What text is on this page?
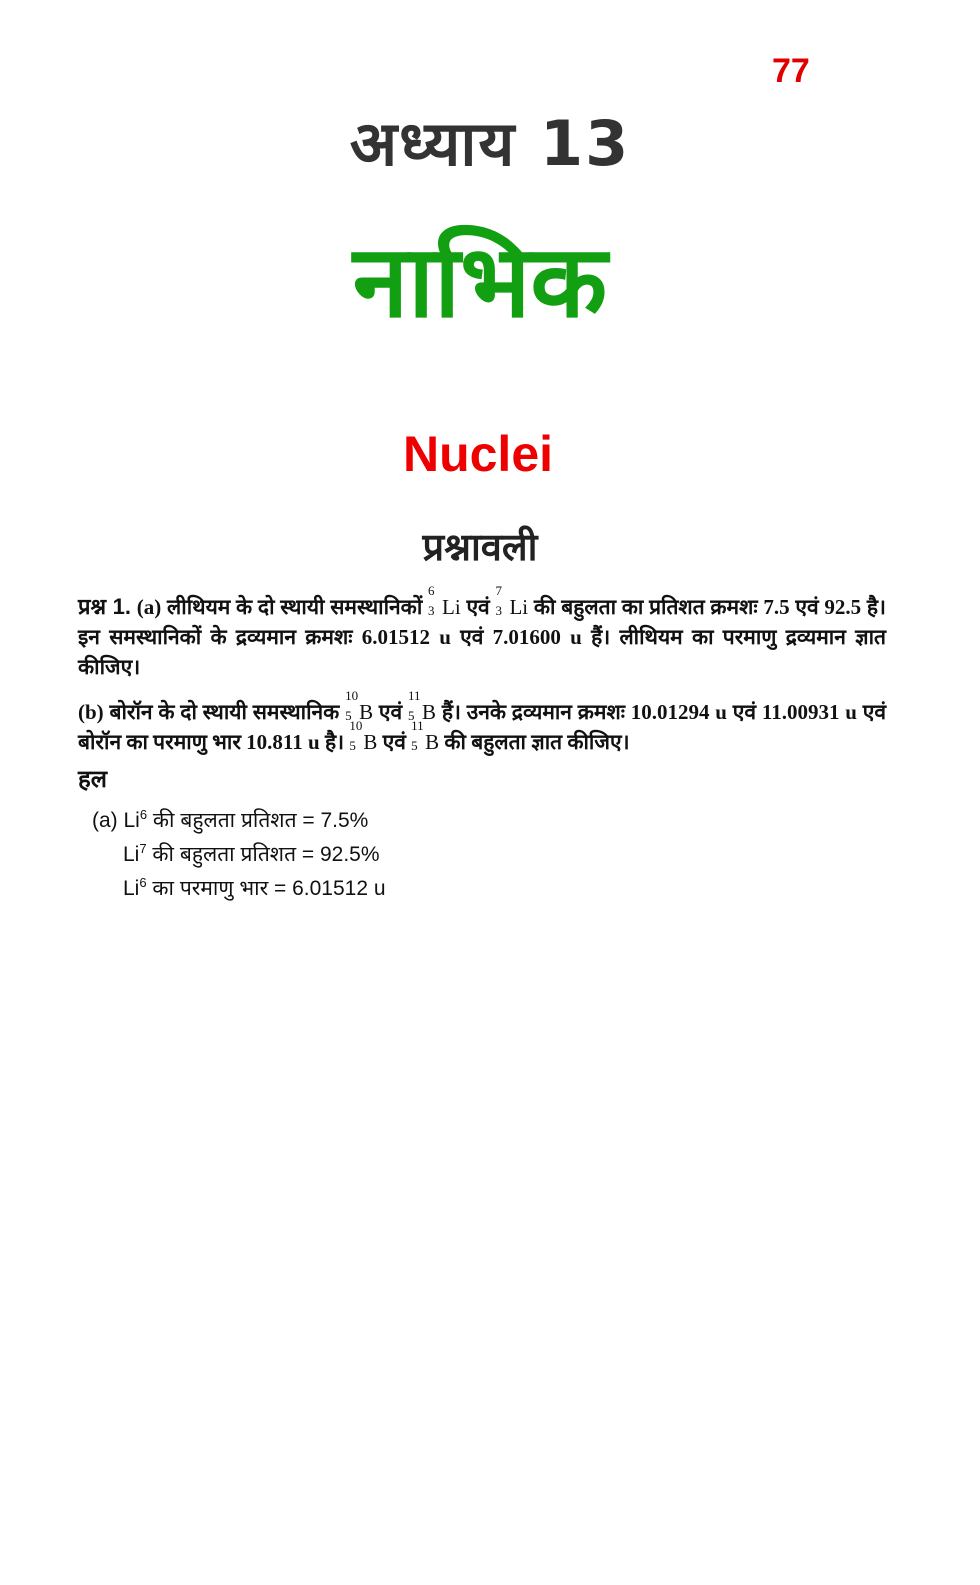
77
अध्याय 13
नाभिक
Nuclei
प्रश्नावली
प्रश्न 1. (a) लीथियम के दो स्थायी समस्थानिकों
6
3 Li एवं
7
3 Li की बहुलता का प्रतिशत क्रमशः 7.5 एवं 92.5 है। इन समस्थानिकों के द्रव्यमान क्रमशः 6.01512 u एवं 7.01600 u हैं। लीथियम का परमाणु द्रव्यमान ज्ञात कीजिए।
(b) बोरॉन के दो स्थायी समस्थानिक
10
5 B एवं
11
5 B हैं। उनके द्रव्यमान क्रमशः 10.01294 u एवं 11.00931 u एवं बोरॉन का परमाणु भार 10.811 u है।
10
5 B एवं
11
5 B की बहुलता ज्ञात कीजिए।
हल
(a) Li$^6$ की बहुलता प्रतिशत = 7.5%
Li$^7$ की बहुलता प्रतिशत = 92.5%
Li$^6$ का परमाणु भार = 6.01512 u
